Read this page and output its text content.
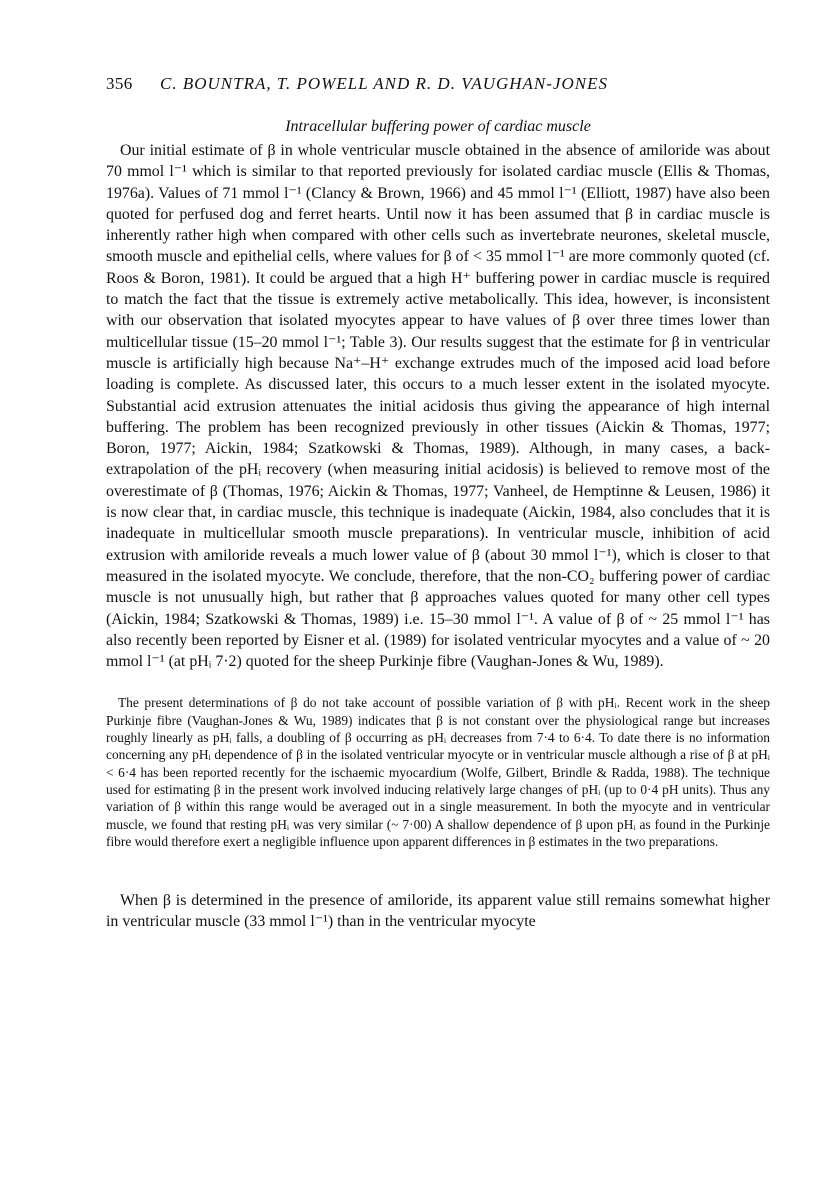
356	C. BOUNTRA, T. POWELL AND R. D. VAUGHAN-JONES
Intracellular buffering power of cardiac muscle

Our initial estimate of β in whole ventricular muscle obtained in the absence of amiloride was about 70 mmol l⁻¹ which is similar to that reported previously for isolated cardiac muscle (Ellis & Thomas, 1976a). Values of 71 mmol l⁻¹ (Clancy & Brown, 1966) and 45 mmol l⁻¹ (Elliott, 1987) have also been quoted for perfused dog and ferret hearts. Until now it has been assumed that β in cardiac muscle is inherently rather high when compared with other cells such as invertebrate neurones, skeletal muscle, smooth muscle and epithelial cells, where values for β of < 35 mmol l⁻¹ are more commonly quoted (cf. Roos & Boron, 1981). It could be argued that a high H⁺ buffering power in cardiac muscle is required to match the fact that the tissue is extremely active metabolically. This idea, however, is inconsistent with our observation that isolated myocytes appear to have values of β over three times lower than multicellular tissue (15–20 mmol l⁻¹; Table 3). Our results suggest that the estimate for β in ventricular muscle is artificially high because Na⁺–H⁺ exchange extrudes much of the imposed acid load before loading is complete. As discussed later, this occurs to a much lesser extent in the isolated myocyte. Substantial acid extrusion attenuates the initial acidosis thus giving the appearance of high internal buffering. The problem has been recognized previously in other tissues (Aickin & Thomas, 1977; Boron, 1977; Aickin, 1984; Szatkowski & Thomas, 1989). Although, in many cases, a back-extrapolation of the pHᵢ recovery (when measuring initial acidosis) is believed to remove most of the overestimate of β (Thomas, 1976; Aickin & Thomas, 1977; Vanheel, de Hemptinne & Leusen, 1986) it is now clear that, in cardiac muscle, this technique is inadequate (Aickin, 1984, also concludes that it is inadequate in multicellular smooth muscle preparations). In ventricular muscle, inhibition of acid extrusion with amiloride reveals a much lower value of β (about 30 mmol l⁻¹), which is closer to that measured in the isolated myocyte. We conclude, therefore, that the non-CO₂ buffering power of cardiac muscle is not unusually high, but rather that β approaches values quoted for many other cell types (Aickin, 1984; Szatkowski & Thomas, 1989) i.e. 15–30 mmol l⁻¹. A value of β of ~ 25 mmol l⁻¹ has also recently been reported by Eisner et al. (1989) for isolated ventricular myocytes and a value of ~ 20 mmol l⁻¹ (at pHᵢ 7·2) quoted for the sheep Purkinje fibre (Vaughan-Jones & Wu, 1989).

The present determinations of β do not take account of possible variation of β with pHᵢ. Recent work in the sheep Purkinje fibre (Vaughan-Jones & Wu, 1989) indicates that β is not constant over the physiological range but increases roughly linearly as pHᵢ falls, a doubling of β occurring as pHᵢ decreases from 7·4 to 6·4. To date there is no information concerning any pHᵢ dependence of β in the isolated ventricular myocyte or in ventricular muscle although a rise of β at pHᵢ < 6·4 has been reported recently for the ischaemic myocardium (Wolfe, Gilbert, Brindle & Radda, 1988). The technique used for estimating β in the present work involved inducing relatively large changes of pHᵢ (up to 0·4 pH units). Thus any variation of β within this range would be averaged out in a single measurement. In both the myocyte and in ventricular muscle, we found that resting pHᵢ was very similar (~ 7·00) A shallow dependence of β upon pHᵢ as found in the Purkinje fibre would therefore exert a negligible influence upon apparent differences in β estimates in the two preparations.

When β is determined in the presence of amiloride, its apparent value still remains somewhat higher in ventricular muscle (33 mmol l⁻¹) than in the ventricular myocyte
